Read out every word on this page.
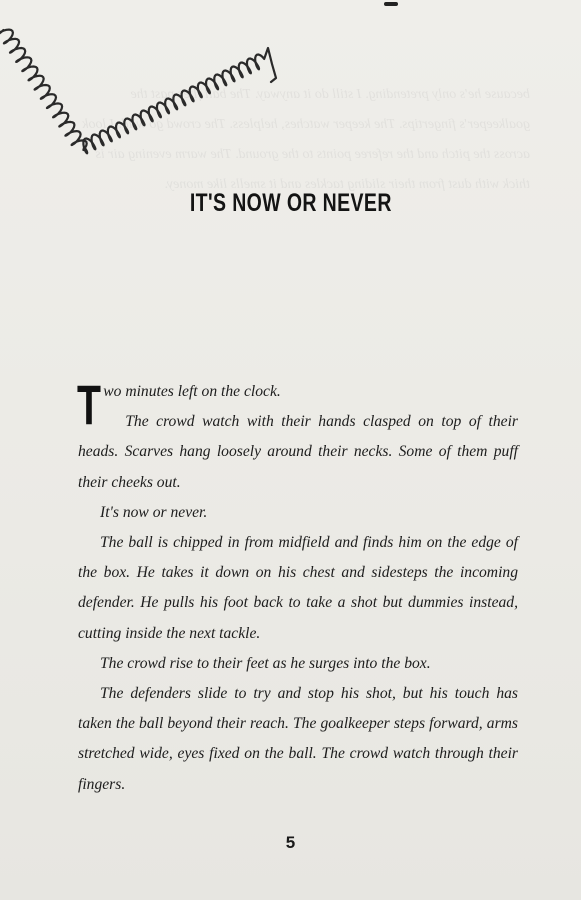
because he's only pretending. I still do it anyway. The ball flies past the goalkeeper's fingertips. The keeper watches, helpless. The crowd go wild. I look across the pitch and the referee points to the ground. The warm evening air is thick with dust from their sliding tackles and it smells like money.
IT'S NOW OR NEVER

Two minutes left on the clock.

The crowd watch with their hands clasped on top of their heads. Scarves hang loosely around their necks. Some of them puff their cheeks out.

It's now or never.

The ball is chipped in from midfield and finds him on the edge of the box. He takes it down on his chest and sidesteps the incoming defender. He pulls his foot back to take a shot but dummies instead, cutting inside the next tackle.

The crowd rise to their feet as he surges into the box.

The defenders slide to try and stop his shot, but his touch has taken the ball beyond their reach. The goalkeeper steps forward, arms stretched wide, eyes fixed on the ball. The crowd watch through their fingers.

5
